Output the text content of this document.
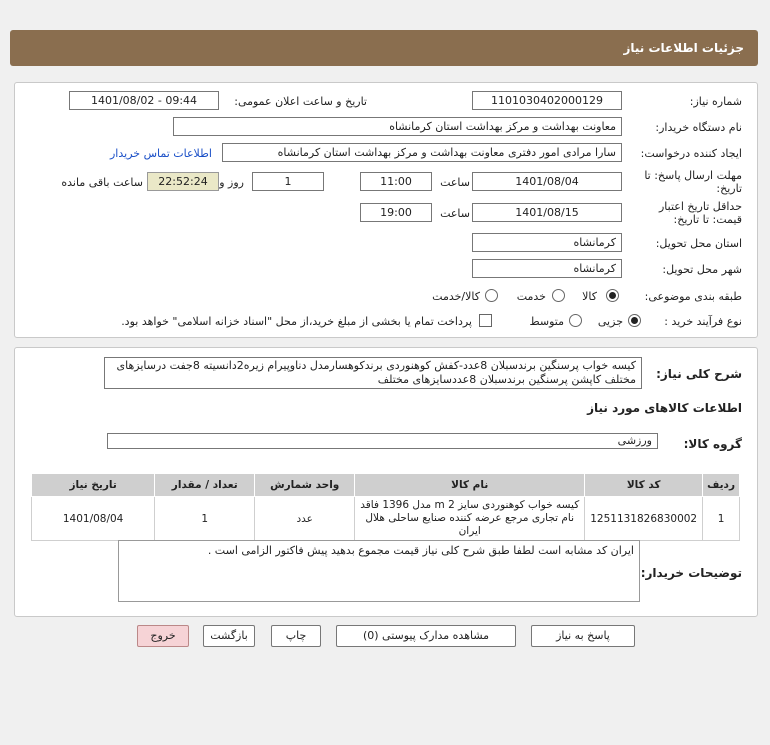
جزئیات اطلاعات نیاز
شماره نیاز:
1101030402000129
تاریخ و ساعت اعلان عمومی:
1401/08/02 - 09:44
نام دستگاه خریدار:
معاونت بهداشت و مرکز بهداشت استان کرمانشاه
ایجاد کننده درخواست:
سارا مرادی امور دفتری معاونت بهداشت و مرکز بهداشت استان کرمانشاه
اطلاعات تماس خریدار
مهلت ارسال پاسخ: تا تاریخ:
1401/08/04
ساعت
11:00
1
روز و
22:52:24
ساعت باقی مانده
حداقل تاریخ اعتبار قیمت: تا تاریخ:
1401/08/15
ساعت
19:00
استان محل تحویل:
کرمانشاه
شهر محل تحویل:
کرمانشاه
طبقه بندی موضوعی:
کالا
خدمت
کالا/خدمت
نوع فرآیند خرید :
جزیی
متوسط
پرداخت تمام یا بخشی از مبلغ خرید،از محل "اسناد خزانه اسلامی" خواهد بود.
شرح کلی نیاز:
کیسه خواب پرسنگین برندسبلان 8عدد-کفش کوهنوردی برندکوهسارمدل دناوپیرام زیره2دانسیته 8جفت درسایزهای مختلف کاپشن پرسنگین برندسبلان 8عددسایزهای مختلف
اطلاعات کالاهای مورد نیاز
گروه کالا:
ورزشی
ردیف	کد کالا	نام کالا	واحد شمارش	تعداد / مقدار	تاریخ نیاز
1	1251131826830002	کیسه خواب کوهنوردی سایز m 2 مدل 1396 فاقد نام تجاری مرجع عرضه کننده صنایع ساحلی هلال ایران	عدد	1	1401/08/04
توضیحات خریدار:
ایران کد مشابه است لطفا طبق شرح کلی نیاز قیمت مجموع بدهید پیش فاکتور الزامی است .
پاسخ به نیاز
مشاهده مدارک پیوستی (0)
چاپ
بازگشت
خروج
